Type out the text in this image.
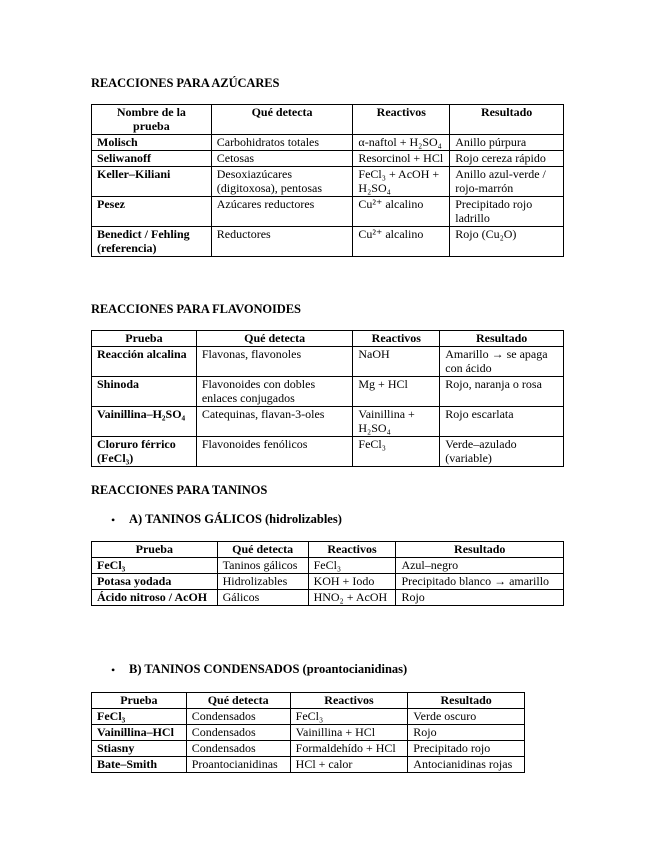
REACCIONES PARA AZÚCARES
Nombre de la prueba	Qué detecta	Reactivos	Resultado
Molisch	Carbohidratos totales	α-naftol + H₂SO₄	Anillo púrpura
Seliwanoff	Cetosas	Resorcinol + HCl	Rojo cereza rápido
Keller–Kiliani	Desoxiazúcares (digitoxosa), pentosas	FeCl₃ + AcOH + H₂SO₄	Anillo azul-verde / rojo-marrón
Pesez	Azúcares reductores	Cu²⁺ alcalino	Precipitado rojo ladrillo
Benedict / Fehling (referencia)	Reductores	Cu²⁺ alcalino	Rojo (Cu₂O)
REACCIONES PARA FLAVONOIDES
Prueba	Qué detecta	Reactivos	Resultado
Reacción alcalina	Flavonas, flavonoles	NaOH	Amarillo → se apaga con ácido
Shinoda	Flavonoides con dobles enlaces conjugados	Mg + HCl	Rojo, naranja o rosa
Vainillina–H₂SO₄	Catequinas, flavan-3-oles	Vainillina + H₂SO₄	Rojo escarlata
Cloruro férrico (FeCl₃)	Flavonoides fenólicos	FeCl₃	Verde–azulado (variable)
REACCIONES PARA TANINOS
• A) TANINOS GÁLICOS (hidrolizables)
Prueba	Qué detecta	Reactivos	Resultado
FeCl₃	Taninos gálicos	FeCl₃	Azul–negro
Potasa yodada	Hidrolizables	KOH + Iodo	Precipitado blanco → amarillo
Ácido nitroso / AcOH	Gálicos	HNO₂ + AcOH	Rojo
• B) TANINOS CONDENSADOS (proantocianidinas)
Prueba	Qué detecta	Reactivos	Resultado
FeCl₃	Condensados	FeCl₃	Verde oscuro
Vainillina–HCl	Condensados	Vainillina + HCl	Rojo
Stiasny	Condensados	Formaldehído + HCl	Precipitado rojo
Bate–Smith	Proantocianidinas	HCl + calor	Antocianidinas rojas
